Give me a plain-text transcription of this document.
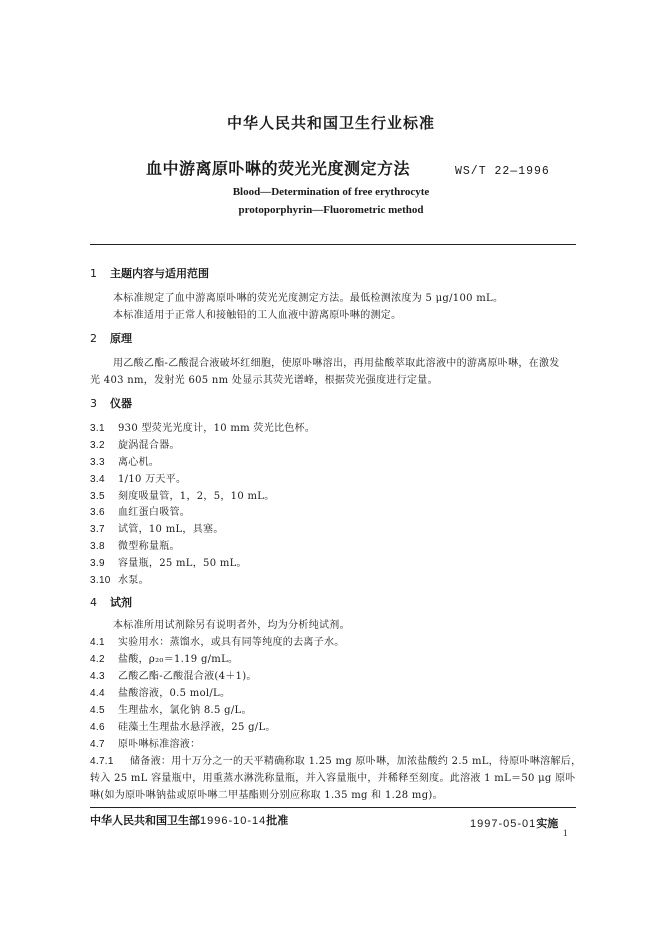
中华人民共和国卫生行业标准
血中游离原卟啉的荧光光度测定方法	WS/T 22—1996
Blood—Determination of free erythrocyte
protoporphyrin—Fluorometric method
1 主题内容与适用范围
本标准规定了血中游离原卟啉的荧光光度测定方法。最低检测浓度为 5 μg/100 mL。
本标准适用于正常人和接触铅的工人血液中游离原卟啉的测定。
2 原理
用乙酸乙酯-乙酸混合液破坏红细胞，使原卟啉溶出，再用盐酸萃取此溶液中的游离原卟啉，在激发
光 403 nm，发射光 605 nm 处显示其荧光谱峰，根据荧光强度进行定量。
3 仪器
3.1 930 型荧光光度计，10 mm 荧光比色杯。
3.2 旋涡混合器。
3.3 离心机。
3.4 1/10 万天平。
3.5 刻度吸量管，1，2，5，10 mL。
3.6 血红蛋白吸管。
3.7 试管，10 mL，具塞。
3.8 微型称量瓶。
3.9 容量瓶，25 mL，50 mL。
3.10 水泵。
4 试剂
本标准所用试剂除另有说明者外，均为分析纯试剂。
4.1 实验用水：蒸馏水，或具有同等纯度的去离子水。
4.2 盐酸，ρ₂₀＝1.19 g/mL。
4.3 乙酸乙酯-乙酸混合液(4＋1)。
4.4 盐酸溶液，0.5 mol/L。
4.5 生理盐水，氯化钠 8.5 g/L。
4.6 硅藻土生理盐水悬浮液，25 g/L。
4.7 原卟啉标准溶液：
4.7.1 储备液：用十万分之一的天平精确称取 1.25 mg 原卟啉，加浓盐酸约 2.5 mL，待原卟啉溶解后，
转入 25 mL 容量瓶中，用重蒸水淋洗称量瓶，并入容量瓶中，并稀释至刻度。此溶液 1 mL＝50 μg 原卟
啉(如为原卟啉钠盐或原卟啉二甲基酯则分别应称取 1.35 mg 和 1.28 mg)。
中华人民共和国卫生部1996-10-14批准	1997-05-01实施
1
